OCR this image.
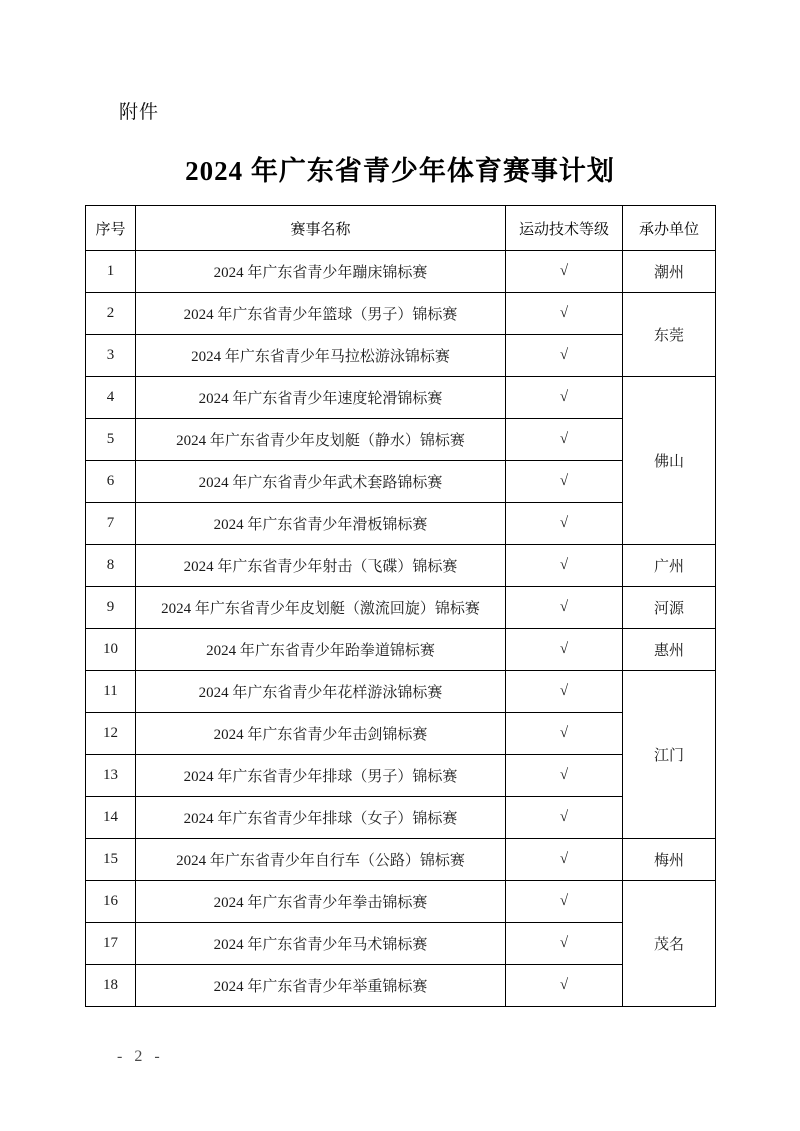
附件
2024 年广东省青少年体育赛事计划
序号	赛事名称	运动技术等级	承办单位
1	2024 年广东省青少年蹦床锦标赛	√	潮州
2	2024 年广东省青少年篮球（男子）锦标赛	√	东莞
3	2024 年广东省青少年马拉松游泳锦标赛	√	
4	2024 年广东省青少年速度轮滑锦标赛	√	佛山
5	2024 年广东省青少年皮划艇（静水）锦标赛	√	
6	2024 年广东省青少年武术套路锦标赛	√	
7	2024 年广东省青少年滑板锦标赛	√	
8	2024 年广东省青少年射击（飞碟）锦标赛	√	广州
9	2024 年广东省青少年皮划艇（激流回旋）锦标赛	√	河源
10	2024 年广东省青少年跆拳道锦标赛	√	惠州
11	2024 年广东省青少年花样游泳锦标赛	√	江门
12	2024 年广东省青少年击剑锦标赛	√	
13	2024 年广东省青少年排球（男子）锦标赛	√	
14	2024 年广东省青少年排球（女子）锦标赛	√	
15	2024 年广东省青少年自行车（公路）锦标赛	√	梅州
16	2024 年广东省青少年拳击锦标赛	√	茂名
17	2024 年广东省青少年马术锦标赛	√	
18	2024 年广东省青少年举重锦标赛	√	
- 2 -
